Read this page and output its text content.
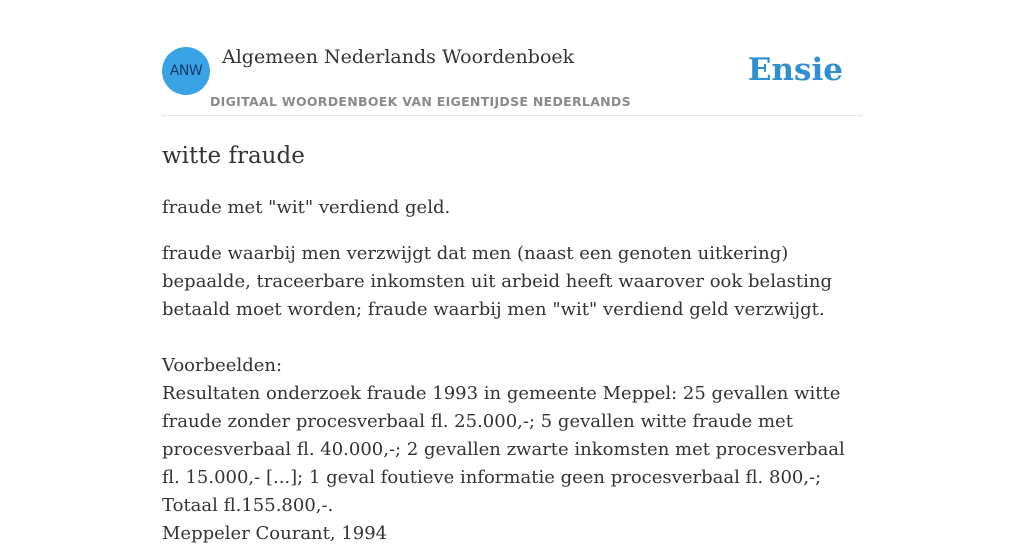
ANW
Algemeen Nederlands Woordenboek
DIGITAAL WOORDENBOEK VAN EIGENTIJDSE NEDERLANDS
Ensie
witte fraude

fraude met "wit" verdiend geld.

fraude waarbij men verzwijgt dat men (naast een genoten uitkering) bepaalde, traceerbare inkomsten uit arbeid heeft waarover ook belasting betaald moet worden; fraude waarbij men "wit" verdiend geld verzwijgt.

Voorbeelden:
Resultaten onderzoek fraude 1993 in gemeente Meppel: 25 gevallen witte fraude zonder procesverbaal fl. 25.000,-; 5 gevallen witte fraude met procesverbaal fl. 40.000,-; 2 gevallen zwarte inkomsten met procesverbaal fl. 15.000,- [...]; 1 geval foutieve informatie geen procesverbaal fl. 800,-; Totaal fl.155.800,-.
Meppeler Courant, 1994
